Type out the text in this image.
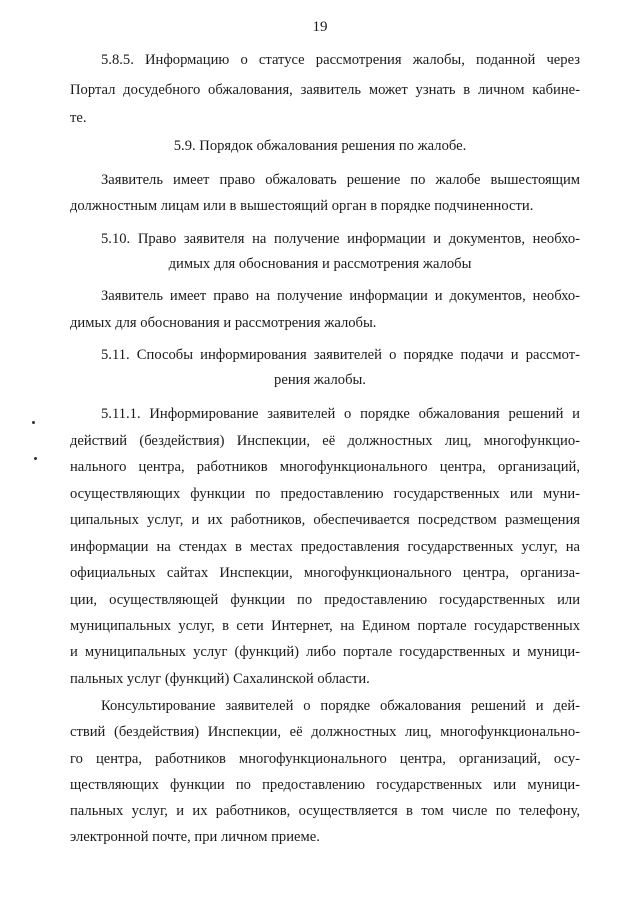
19
5.8.5. Информацию о статусе рассмотрения жалобы, поданной через
Портал досудебного обжалования, заявитель может узнать в личном кабине-
те.
5.9. Порядок обжалования решения по жалобе.
Заявитель имеет право обжаловать решение по жалобе вышестоящим
должностным лицам или в вышестоящий орган в порядке подчиненности.
5.10. Право заявителя на получение информации и документов, необхо-
димых для обоснования и рассмотрения жалобы
Заявитель имеет право на получение информации и документов, необхо-
димых для обоснования и рассмотрения жалобы.
5.11. Способы информирования заявителей о порядке подачи и рассмот-
рения жалобы.
5.11.1. Информирование заявителей о порядке обжалования решений и
действий (бездействия) Инспекции, её должностных лиц, многофункцио-
нального центра, работников многофункционального центра, организаций,
осуществляющих функции по предоставлению государственных или муни-
ципальных услуг, и их работников, обеспечивается посредством размещения
информации на стендах в местах предоставления государственных услуг, на
официальных сайтах Инспекции, многофункционального центра, организа-
ции, осуществляющей функции по предоставлению государственных или
муниципальных услуг, в сети Интернет, на Едином портале государственных
и муниципальных услуг (функций) либо портале государственных и муници-
пальных услуг (функций) Сахалинской области.
Консультирование заявителей о порядке обжалования решений и дей-
ствий (бездействия) Инспекции, её должностных лиц, многофункционально-
го центра, работников многофункционального центра, организаций, осу-
ществляющих функции по предоставлению государственных или муници-
пальных услуг, и их работников, осуществляется в том числе по телефону,
электронной почте, при личном приеме.
